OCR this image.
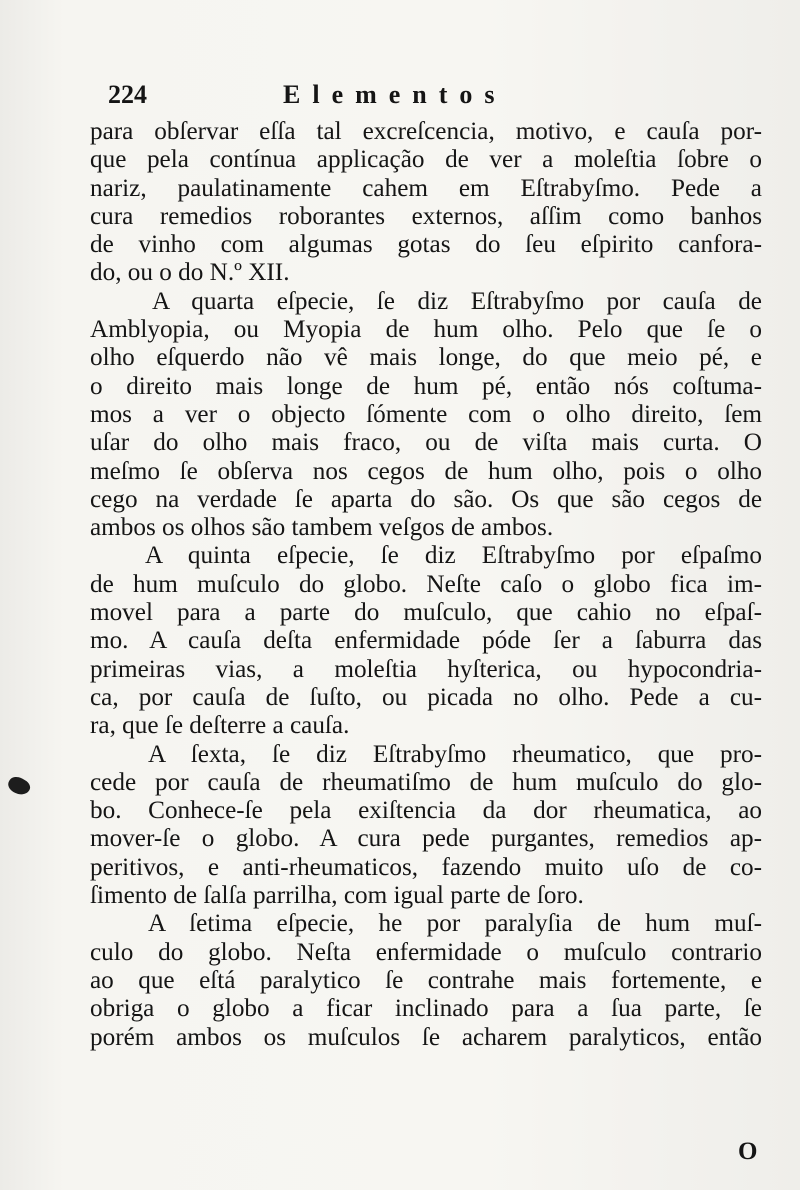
224	Elementos
para obſervar eſſa tal excreſcencia, motivo, e cauſa por-
que pela contínua applicação de ver a moleſtia ſobre o
nariz, paulatinamente cahem em Eſtrabyſmo. Pede a
cura remedios roborantes externos, aſſim como banhos
de vinho com algumas gotas do ſeu eſpirito canfora-
do, ou o do N.º XII.
A quarta eſpecie, ſe diz Eſtrabyſmo por cauſa de
Amblyopia, ou Myopia de hum olho. Pelo que ſe o
olho eſquerdo não vê mais longe, do que meio pé, e
o direito mais longe de hum pé, então nós coſtuma-
mos a ver o objecto ſómente com o olho direito, ſem
uſar do olho mais fraco, ou de viſta mais curta. O
meſmo ſe obſerva nos cegos de hum olho, pois o olho
cego na verdade ſe aparta do são. Os que são cegos de
ambos os olhos são tambem veſgos de ambos.
A quinta eſpecie, ſe diz Eſtrabyſmo por eſpaſmo
de hum muſculo do globo. Neſte caſo o globo fica im-
movel para a parte do muſculo, que cahio no eſpaſ-
mo. A cauſa deſta enfermidade póde ſer a ſaburra das
primeiras vias, a moleſtia hyſterica, ou hypocondria-
ca, por cauſa de ſuſto, ou picada no olho. Pede a cu-
ra, que ſe deſterre a cauſa.
A ſexta, ſe diz Eſtrabyſmo rheumatico, que pro-
cede por cauſa de rheumatiſmo de hum muſculo do glo-
bo. Conhece-ſe pela exiſtencia da dor rheumatica, ao
mover-ſe o globo. A cura pede purgantes, remedios ap-
peritivos, e anti-rheumaticos, fazendo muito uſo de co-
ſimento de ſalſa parrilha, com igual parte de ſoro.
A ſetima eſpecie, he por paralyſia de hum muſ-
culo do globo. Neſta enfermidade o muſculo contrario
ao que eſtá paralytico ſe contrahe mais fortemente, e
obriga o globo a ficar inclinado para a ſua parte, ſe
porém ambos os muſculos ſe acharem paralyticos, então
O
